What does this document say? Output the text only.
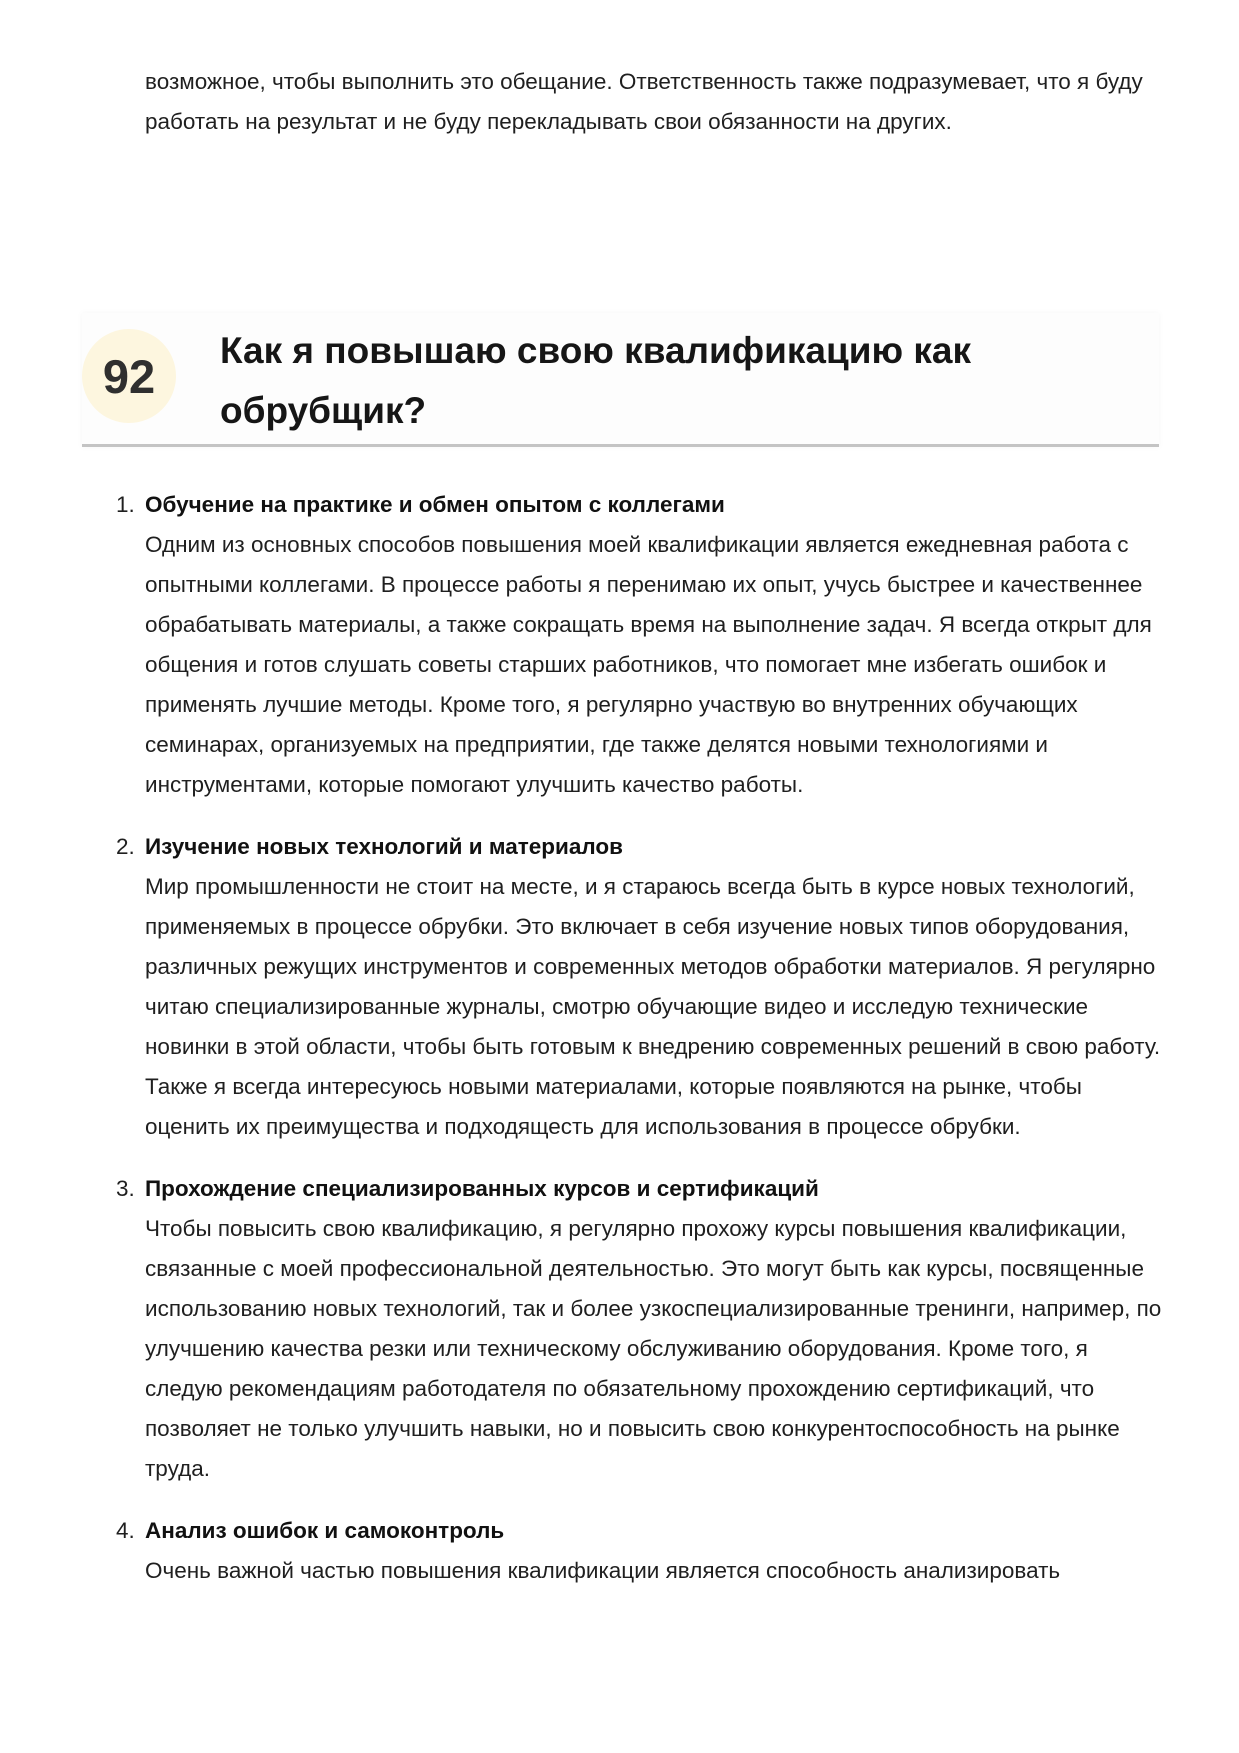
возможное, чтобы выполнить это обещание. Ответственность также подразумевает, что я буду работать на результат и не буду перекладывать свои обязанности на других.

92	Как я повышаю свою квалификацию как обрубщик?
1. Обучение на практике и обмен опытом с коллегами
Одним из основных способов повышения моей квалификации является ежедневная работа с опытными коллегами. В процессе работы я перенимаю их опыт, учусь быстрее и качественнее обрабатывать материалы, а также сокращать время на выполнение задач. Я всегда открыт для общения и готов слушать советы старших работников, что помогает мне избегать ошибок и применять лучшие методы. Кроме того, я регулярно участвую во внутренних обучающих семинарах, организуемых на предприятии, где также делятся новыми технологиями и инструментами, которые помогают улучшить качество работы.
2. Изучение новых технологий и материалов
Мир промышленности не стоит на месте, и я стараюсь всегда быть в курсе новых технологий, применяемых в процессе обрубки. Это включает в себя изучение новых типов оборудования, различных режущих инструментов и современных методов обработки материалов. Я регулярно читаю специализированные журналы, смотрю обучающие видео и исследую технические новинки в этой области, чтобы быть готовым к внедрению современных решений в свою работу. Также я всегда интересуюсь новыми материалами, которые появляются на рынке, чтобы оценить их преимущества и подходящесть для использования в процессе обрубки.
3. Прохождение специализированных курсов и сертификаций
Чтобы повысить свою квалификацию, я регулярно прохожу курсы повышения квалификации, связанные с моей профессиональной деятельностью. Это могут быть как курсы, посвященные использованию новых технологий, так и более узкоспециализированные тренинги, например, по улучшению качества резки или техническому обслуживанию оборудования. Кроме того, я следую рекомендациям работодателя по обязательному прохождению сертификаций, что позволяет не только улучшить навыки, но и повысить свою конкурентоспособность на рынке труда.
4. Анализ ошибок и самоконтроль
Очень важной частью повышения квалификации является способность анализировать
